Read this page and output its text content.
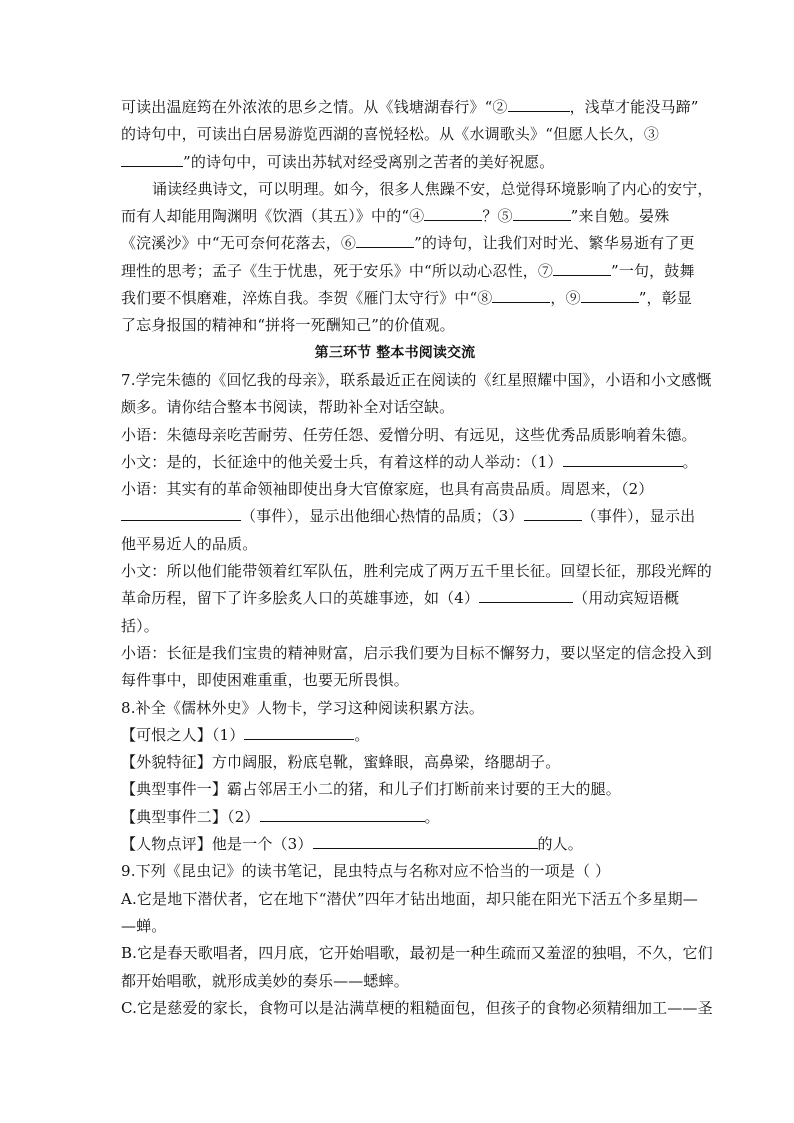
可读出温庭筠在外浓浓的思乡之情。从《钱塘湖春行》“②	，浅草才能没马蹄”
的诗句中，可读出白居易游览西湖的喜悦轻松。从《水调歌头》“但愿人长久，③
”的诗句中，可读出苏轼对经受离别之苦者的美好祝愿。
诵读经典诗文，可以明理。如今，很多人焦躁不安，总觉得环境影响了内心的安宁，
而有人却能用陶渊明《饮酒（其五）》中的“④	？⑤	”来自勉。晏殊
《浣溪沙》中“无可奈何花落去，⑥	”的诗句，让我们对时光、繁华易逝有了更
理性的思考；孟子《生于忧患，死于安乐》中“所以动心忍性，⑦	”一句，鼓舞
我们要不惧磨难，淬炼自我。李贺《雁门太守行》中“⑧	，⑨	”，彰显
了忘身报国的精神和“拼将一死酬知己”的价值观。
第三环节 整本书阅读交流
7.学完朱德的《回忆我的母亲》，联系最近正在阅读的《红星照耀中国》，小语和小文感慨
颇多。请你结合整本书阅读，帮助补全对话空缺。
小语：朱德母亲吃苦耐劳、任劳任怨、爱憎分明、有远见，这些优秀品质影响着朱德。
小文：是的，长征途中的他关爱士兵，有着这样的动人举动：（1）	。
小语：其实有的革命领袖即使出身大官僚家庭，也具有高贵品质。周恩来，（2）
（事件），显示出他细心热情的品质；（3）	（事件），显示出
他平易近人的品质。
小文：所以他们能带领着红军队伍，胜利完成了两万五千里长征。回望长征，那段光辉的
革命历程，留下了许多脍炙人口的英雄事迹，如（4）	（用动宾短语概
括）。
小语：长征是我们宝贵的精神财富，启示我们要为目标不懈努力，要以坚定的信念投入到
每件事中，即使困难重重，也要无所畏惧。
8.补全《儒林外史》人物卡，学习这种阅读积累方法。
【可恨之人】（1）	。
【外貌特征】方巾阔服，粉底皂靴，蜜蜂眼，高鼻梁，络腮胡子。
【典型事件一】霸占邻居王小二的猪，和儿子们打断前来讨要的王大的腿。
【典型事件二】（2）	。
【人物点评】他是一个（3）	的人。
9.下列《昆虫记》的读书笔记，昆虫特点与名称对应不恰当的一项是（ ）
A.它是地下潜伏者，它在地下“潜伏”四年才钻出地面，却只能在阳光下活五个多星期—
—蝉。
B.它是春天歌唱者，四月底，它开始唱歌，最初是一种生疏而又羞涩的独唱，不久，它们
都开始唱歌，就形成美妙的奏乐——蟋蟀。
C.它是慈爱的家长，食物可以是沾满草梗的粗糙面包，但孩子的食物必须精细加工——圣
